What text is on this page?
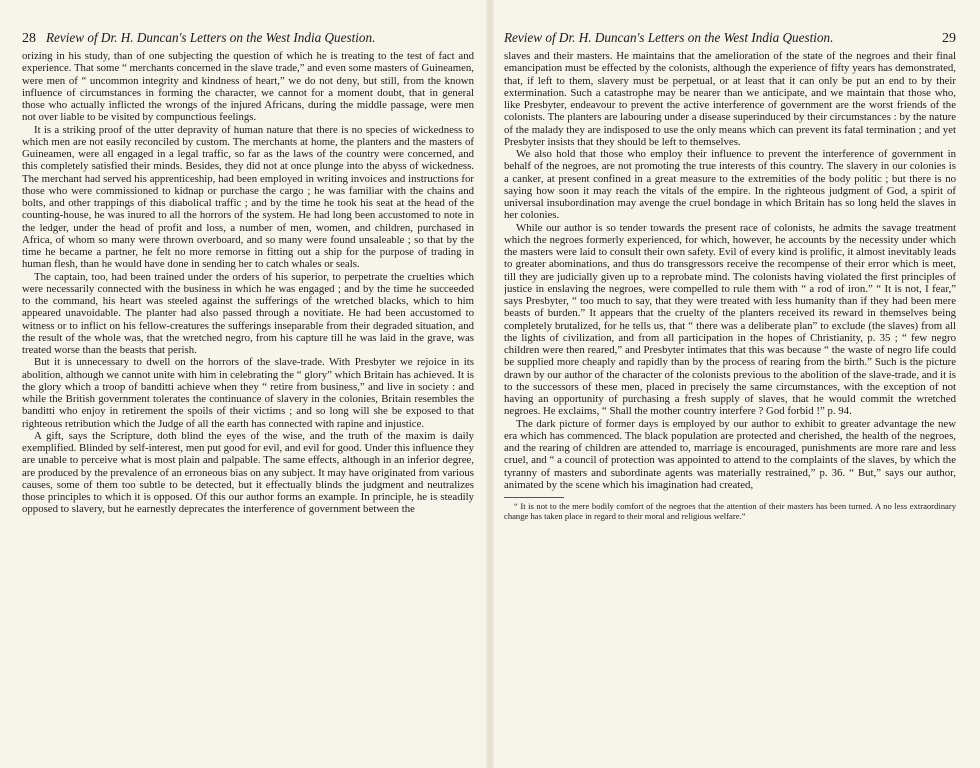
28 Review of Dr. H. Duncan's Letters on the West India Question.

orizing in his study, than of one subjecting the question of which he is treating to the test of fact and experience. That some “ merchants concerned in the slave trade,” and even some masters of Guineamen, were men of “ uncommon integrity and kindness of heart,” we do not deny, but still, from the known influence of circumstances in forming the character, we cannot for a moment doubt, that in general those who actually inflicted the wrongs of the injured Africans, during the middle passage, were men not over liable to be visited by compunctious feelings.

It is a striking proof of the utter depravity of human nature that there is no species of wickedness to which men are not easily reconciled by custom. The merchants at home, the planters and the masters of Guineamen, were all engaged in a legal traffic, so far as the laws of the country were concerned, and this completely satisfied their minds. Besides, they did not at once plunge into the abyss of wickedness. The merchant had served his apprenticeship, had been employed in writing invoices and instructions for those who were commissioned to kidnap or purchase the cargo ; he was familiar with the chains and bolts, and other trappings of this diabolical traffic ; and by the time he took his seat at the head of the counting-house, he was inured to all the horrors of the system. He had long been accustomed to note in the ledger, under the head of profit and loss, a number of men, women, and children, purchased in Africa, of whom so many were thrown overboard, and so many were found unsaleable ; so that by the time he became a partner, he felt no more remorse in fitting out a ship for the purpose of trading in human flesh, than he would have done in sending her to catch whales or seals.

The captain, too, had been trained under the orders of his superior, to perpetrate the cruelties which were necessarily connected with the business in which he was engaged ; and by the time he succeeded to the command, his heart was steeled against the sufferings of the wretched blacks, which to him appeared unavoidable. The planter had also passed through a novitiate. He had been accustomed to witness or to inflict on his fellow-creatures the sufferings inseparable from their degraded situation, and the result of the whole was, that the wretched negro, from his capture till he was laid in the grave, was treated worse than the beasts that perish.

But it is unnecessary to dwell on the horrors of the slave-trade. With Presbyter we rejoice in its abolition, although we cannot unite with him in celebrating the “ glory” which Britain has achieved. It is the glory which a troop of banditti achieve when they “ retire from business,” and live in society : and while the British government tolerates the continuance of slavery in the colonies, Britain resembles the banditti who enjoy in retirement the spoils of their victims ; and so long will she be exposed to that righteous retribution which the Judge of all the earth has connected with rapine and injustice.

A gift, says the Scripture, doth blind the eyes of the wise, and the truth of the maxim is daily exemplified. Blinded by self-interest, men put good for evil, and evil for good. Under this influence they are unable to perceive what is most plain and palpable. The same effects, although in an inferior degree, are produced by the prevalence of an erroneous bias on any subject. It may have originated from various causes, some of them too subtle to be detected, but it effectually blinds the judgment and neutralizes those principles to which it is opposed. Of this our author forms an example. In principle, he is steadily opposed to slavery, but he earnestly deprecates the interference of government between the

Review of Dr. H. Duncan's Letters on the West India Question.	29

slaves and their masters. He maintains that the amelioration of the state of the negroes and their final emancipation must be effected by the colonists, although the experience of fifty years has demonstrated, that, if left to them, slavery must be perpetual, or at least that it can only be put an end to by their extermination. Such a catastrophe may be nearer than we anticipate, and we maintain that those who, like Presbyter, endeavour to prevent the active interference of government are the worst friends of the colonists. The planters are labouring under a disease superinduced by their circumstances : by the nature of the malady they are indisposed to use the only means which can prevent its fatal termination ; and yet Presbyter insists that they should be left to themselves.

We also hold that those who employ their influence to prevent the interference of government in behalf of the negroes, are not promoting the true interests of this country. The slavery in our colonies is a canker, at present confined in a great measure to the extremities of the body politic ; but there is no saying how soon it may reach the vitals of the empire. In the righteous judgment of God, a spirit of universal insubordination may avenge the cruel bondage in which Britain has so long held the slaves in her colonies.

While our author is so tender towards the present race of colonists, he admits the savage treatment which the negroes formerly experienced, for which, however, he accounts by the necessity under which the masters were laid to consult their own safety. Evil of every kind is prolific, it almost inevitably leads to greater abominations, and thus do transgressors receive the recompense of their error which is meet, till they are judicially given up to a reprobate mind. The colonists having violated the first principles of justice in enslaving the negroes, were compelled to rule them with “ a rod of iron.” “ It is not, I fear,” says Presbyter, “ too much to say, that they were treated with less humanity than if they had been mere beasts of burden.” It appears that the cruelty of the planters received its reward in themselves being completely brutalized, for he tells us, that “ there was a deliberate plan” to exclude (the slaves) from all the lights of civilization, and from all participation in the hopes of Christianity, p. 35 ; “ few negro children were then reared,” and Presbyter intimates that this was because “ the waste of negro life could be supplied more cheaply and rapidly than by the process of rearing from the birth.” Such is the picture drawn by our author of the character of the colonists previous to the abolition of the slave-trade, and it is to the successors of these men, placed in precisely the same circumstances, with the exception of not having an opportunity of purchasing a fresh supply of slaves, that he would commit the wretched negroes. He exclaims, “ Shall the mother country interfere ? God forbid !” p. 94.

The dark picture of former days is employed by our author to exhibit to greater advantage the new era which has commenced. The black population are protected and cherished, the health of the negroes, and the rearing of children are attended to, marriage is encouraged, punishments are more rare and less cruel, and “ a council of protection was appointed to attend to the complaints of the slaves, by which the tyranny of masters and subordinate agents was materially restrained,” p. 36. “ But,” says our author, animated by the scene which his imagination had created,

“ It is not to the mere bodily comfort of the negroes that the attention of their masters has been turned. A no less extraordinary change has taken place in regard to their moral and religious welfare.”
